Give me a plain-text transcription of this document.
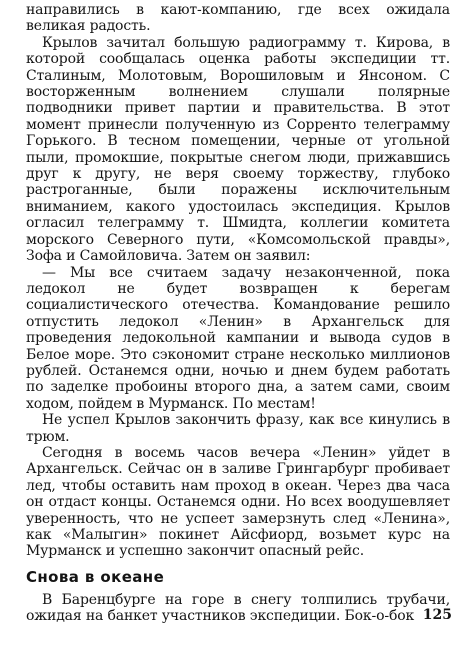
направились в кают-компанию, где всех ожидала великая радость.

Крылов зачитал большую радиограмму т. Кирова, в которой сообщалась оценка работы экспедиции тт. Сталиным, Молотовым, Ворошиловым и Янсоном. С восторженным волнением слушали полярные подводники привет партии и правительства. В этот момент принесли полученную из Сорренто телеграмму Горького. В тесном помещении, черные от угольной пыли, промокшие, покрытые снегом люди, прижавшись друг к другу, не веря своему торжеству, глубоко растроганные, были поражены исключительным вниманием, какого удостоилась экспедиция. Крылов огласил телеграмму т. Шмидта, коллегии комитета морского Северного пути, «Комсомольской правды», Зофа и Самойловича. Затем он заявил:

— Мы все считаем задачу незаконченной, пока ледокол не будет возвращен к берегам социалистического отечества. Командование решило отпустить ледокол «Ленин» в Архангельск для проведения ледокольной кампании и вывода судов в Белое море. Это сэкономит стране несколько миллионов рублей. Останемся одни, ночью и днем будем работать по заделке пробоины второго дна, а затем сами, своим ходом, пойдем в Мурманск. По местам!

Не успел Крылов закончить фразу, как все кинулись в трюм.

Сегодня в восемь часов вечера «Ленин» уйдет в Архангельск. Сейчас он в заливе Грингарбург пробивает лед, чтобы оставить нам проход в океан. Через два часа он отдаст концы. Останемся одни. Но всех воодушевляет уверенность, что не успеет замерзнуть след «Ленина», как «Малыгин» покинет Айсфиорд, возьмет курс на Мурманск и успешно закончит опасный рейс.

Снова в океане

В Баренцбурге на горе в снегу толпились трубачи, ожидая на банкет участников экспедиции. Бок-о-бок 125
